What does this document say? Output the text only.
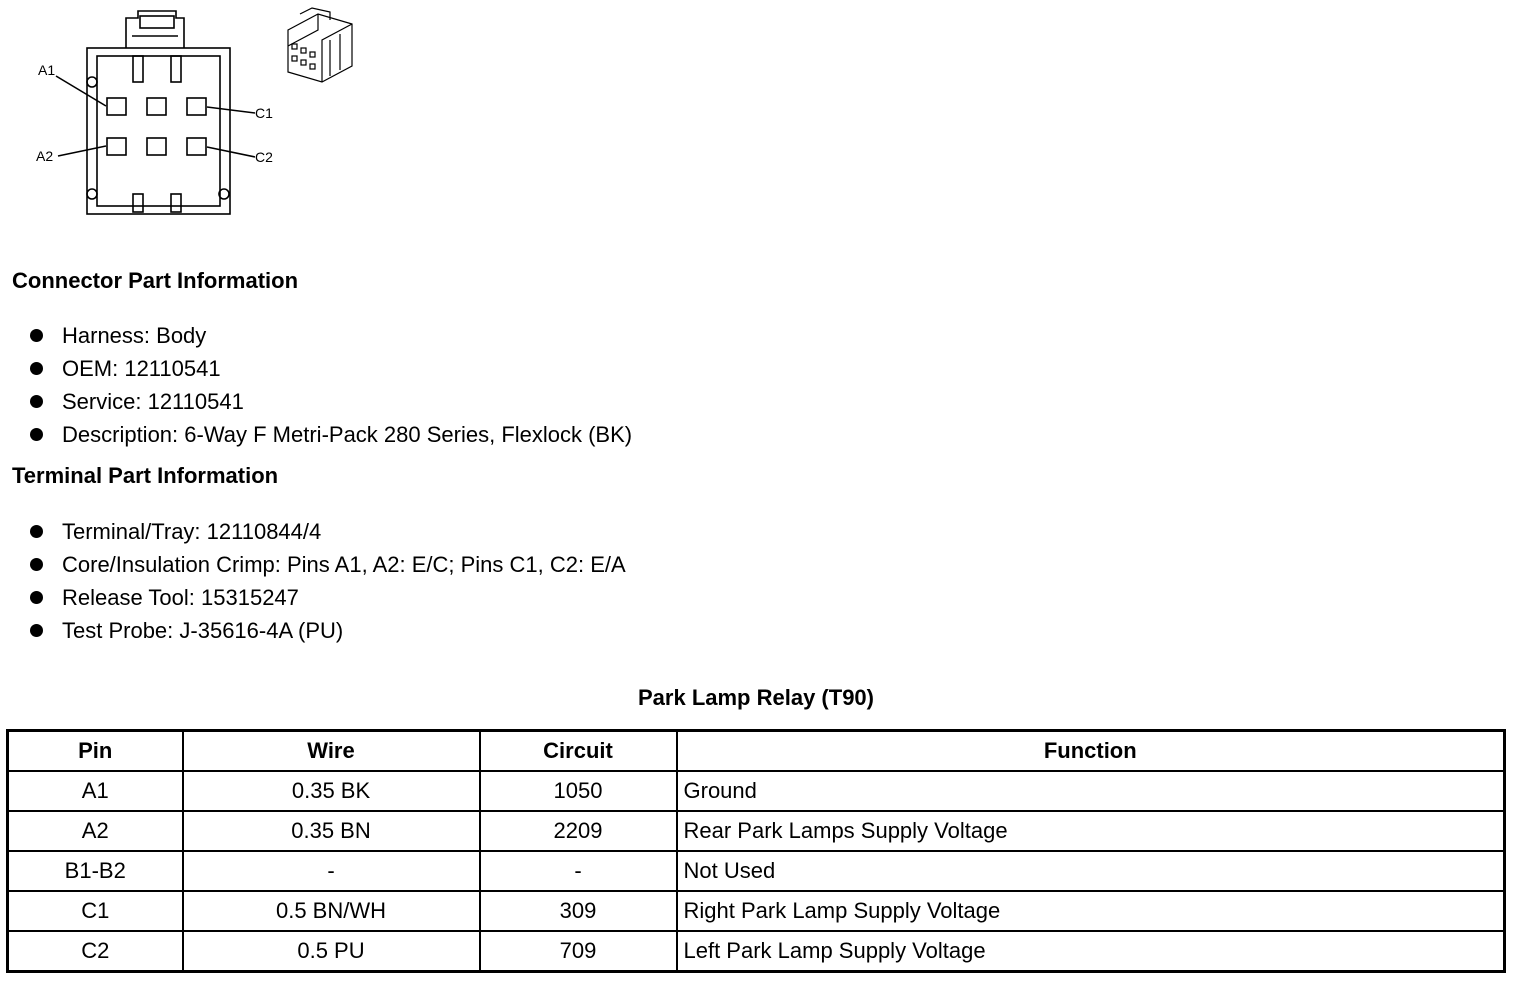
A1
A2
C1
C2
Connector Part Information
Harness: Body
OEM: 12110541
Service: 12110541
Description: 6-Way F Metri-Pack 280 Series, Flexlock (BK)
Terminal Part Information
Terminal/Tray: 12110844/4
Core/Insulation Crimp: Pins A1, A2: E/C; Pins C1, C2: E/A
Release Tool: 15315247
Test Probe: J-35616-4A (PU)
Park Lamp Relay (T90)
Pin	Wire	Circuit	Function
A1	0.35 BK	1050	Ground
A2	0.35 BN	2209	Rear Park Lamps Supply Voltage
B1-B2	-	-	Not Used
C1	0.5 BN/WH	309	Right Park Lamp Supply Voltage
C2	0.5 PU	709	Left Park Lamp Supply Voltage
